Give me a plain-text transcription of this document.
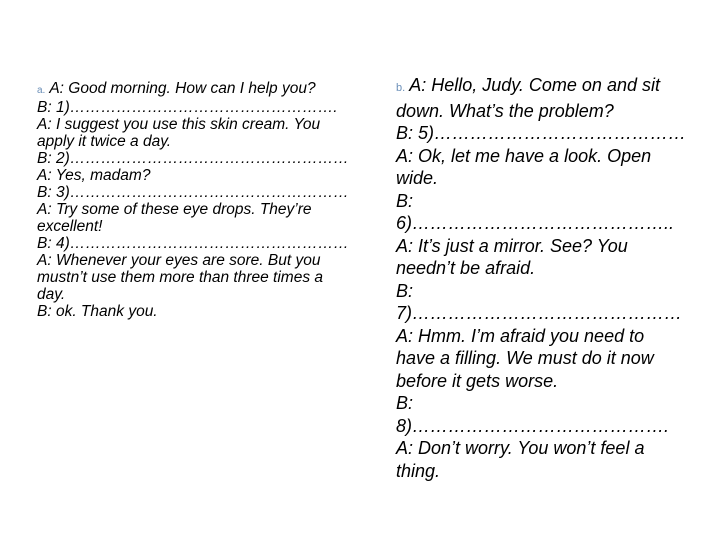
a. A: Good morning. How can I help you?

B: 1)…………………………………………….

A: I suggest you use this skin cream. You

apply it twice a day.

B: 2)………………………………………………

A: Yes, madam?

B: 3)………………………………………………

A: Try some of these eye drops. They’re

excellent!

B: 4)………………………………………………

A: Whenever your eyes are sore. But you

mustn’t use them more than three times a

day.

B: ok. Thank you.

b. A: Hello, Judy. Come on and sit

down. What’s the problem?

B: 5)……………………………………

A: Ok, let me have a look. Open

wide.

B: 6)……………………………………..

A: It’s just a mirror. See? You

needn’t be afraid.

B: 7)………………………………………

A: Hmm. I’m afraid you need to

have a filling. We must do it now

before it gets worse.

B: 8)…………………………………….

A: Don’t worry. You won’t feel a

thing.
